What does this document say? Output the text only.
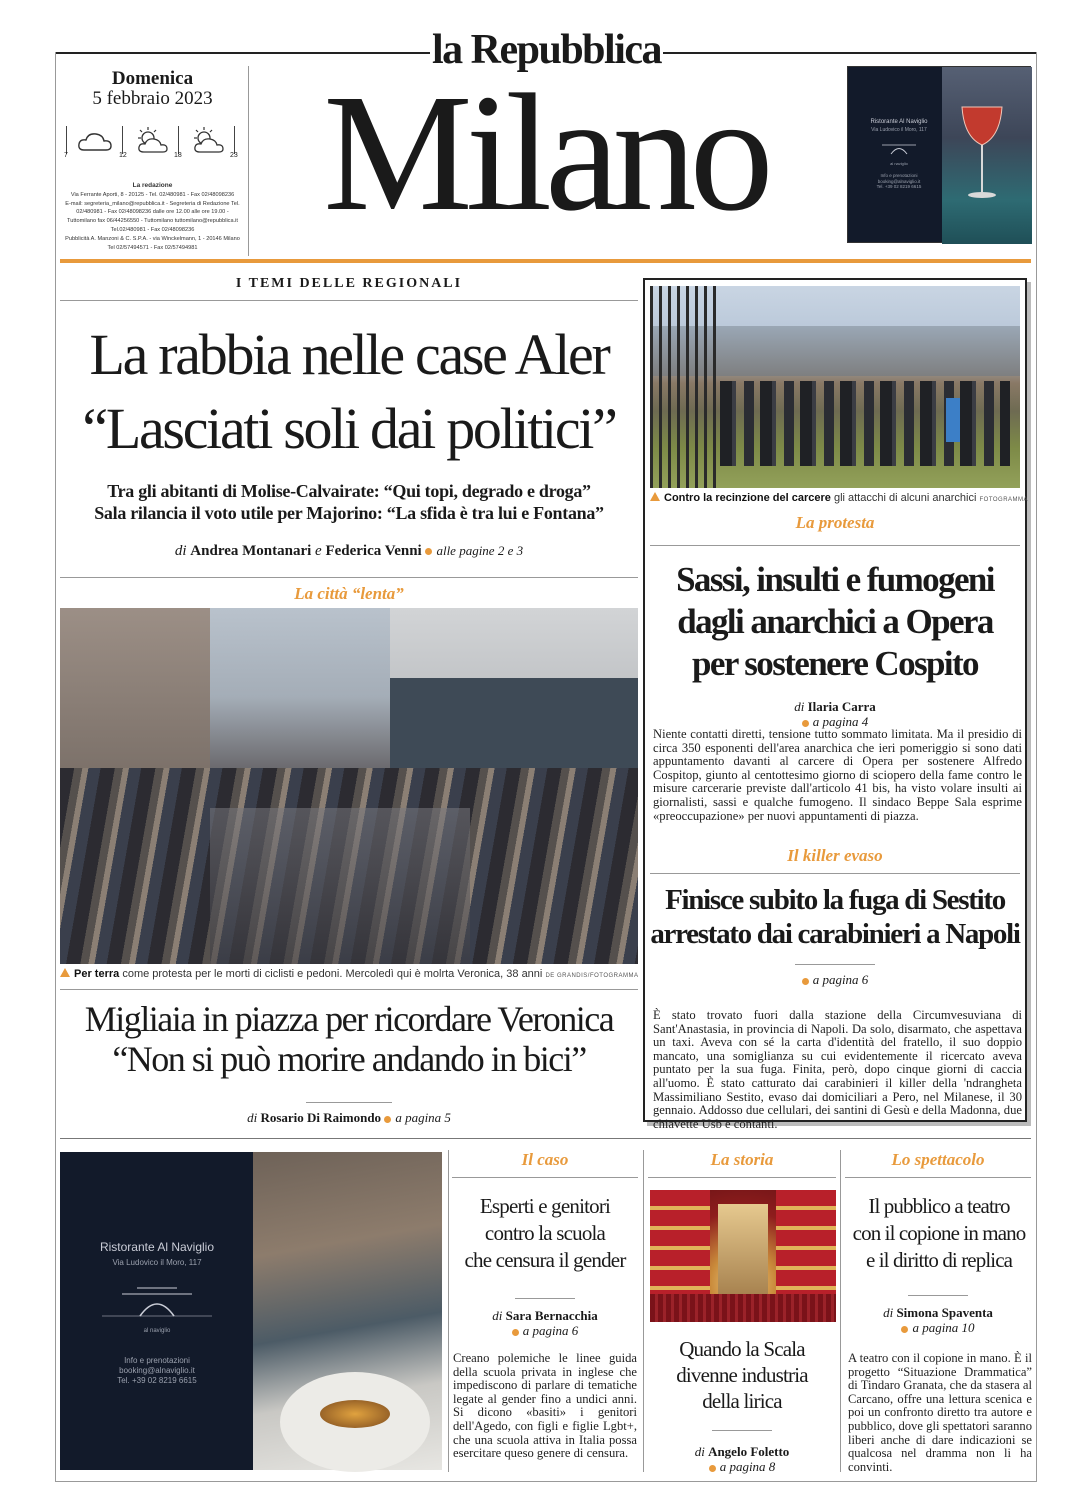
la Repubblica
Milano
Domenica
5 febbraio 2023
7	12	18	23
La redazione
Via Ferrante Aporti, 8 - 20125 - Tel. 02/480981 - Fax 02/48098236
E-mail: segreteria_milano@repubblica.it - Segreteria di Redazione Tel.
02/480981 - Fax 02/48098236 dalle ore 12.00 alle ore 19.00 -
Tuttomilano fax 06/44256550 - Tuttomilano tuttomilano@repubblica.it
Tel.02/480981 - Fax 02/48098236
Pubblicità A. Manzoni & C. S.P.A. - via Winckelmann, 1 - 20146 Milano
Tel 02/57494571 - Fax 02/57494981
Ristorante Al Naviglio
Via Ludovico il Moro, 117
al naviglio
Info e prenotazioni
booking@alnaviglio.it
Tel. +39 02 8219 6615
I TEMI DELLE REGIONALI
La rabbia nelle case Aler
“Lasciati soli dai politici”
Tra gli abitanti di Molise-Calvairate: “Qui topi, degrado e droga”
Sala rilancia il voto utile per Majorino: “La sfida è tra lui e Fontana”
di Andrea Montanari e Federica Venni alle pagine 2 e 3
La città “lenta”
Per terra come protesta per le morti di ciclisti e pedoni. Mercoledì qui è molrta Veronica, 38 anni DE GRANDIS/FOTOGRAMMA
Migliaia in piazza per ricordare Veronica
“Non si può morire andando in bici”
di Rosario Di Raimondo a pagina 5
Contro la recinzione del carcere gli attacchi di alcuni anarchici FOTOGRAMMA
La protesta
Sassi, insulti e fumogeni
dagli anarchici a Opera
per sostenere Cospito
di Ilaria Carra
a pagina 4
Niente contatti diretti, tensione tutto sommato limitata. Ma il presidio di circa 350 esponenti dell'area anarchica che ieri pomeriggio si sono dati appuntamento davanti al carcere di Opera per sostenere Alfredo Cospitop, giunto al centottesimo giorno di sciopero della fame contro le misure carcerarie previste dall'articolo 41 bis, ha visto volare insulti ai giornalisti, sassi e qualche fumogeno. Il sindaco Beppe Sala esprime «preoccupazione» per nuovi appuntamenti di piazza.
Il killer evaso
Finisce subito la fuga di Sestito
arrestato dai carabinieri a Napoli
a pagina 6
È stato trovato fuori dalla stazione della Circumvesuviana di Sant'Anastasia, in provincia di Napoli. Da solo, disarmato, che aspettava un taxi. Aveva con sé la carta d'identità del fratello, il suo doppio mancato, una somiglianza su cui evidentemente il ricercato aveva puntato per la sua fuga. Finita, però, dopo cinque giorni di caccia all'uomo. È stato catturato dai carabinieri il killer della 'ndrangheta Massimiliano Sestito, evaso dai domiciliari a Pero, nel Milanese, il 30 gennaio. Addosso due cellulari, dei santini di Gesù e della Madonna, due chiavette Usb e contanti.
Ristorante Al Naviglio
Via Ludovico il Moro, 117
al naviglio
Info e prenotazioni
booking@alnaviglio.it
Tel. +39 02 8219 6615
Il caso
Esperti e genitori
contro la scuola
che censura il gender
di Sara Bernacchia
a pagina 6
Creano polemiche le linee guida della scuola privata in inglese che impediscono di parlare di tematiche legate al gender fino a undici anni. Si dicono «basiti» i genitori dell'Agedo, con figli e figlie Lgbt+, che una scuola attiva in Italia possa esercitare queso genere di censura.
La storia
Quando la Scala
divenne industria
della lirica
di Angelo Foletto
a pagina 8
Lo spettacolo
Il pubblico a teatro
con il copione in mano
e il diritto di replica
di Simona Spaventa
a pagina 10
A teatro con il copione in mano. È il progetto “Situazione Drammatica” di Tindaro Granata, che da stasera al Carcano, offre una lettura scenica e poi un confronto diretto tra autore e pubblico, dove gli spettatori saranno liberi anche di dare indicazioni se qualcosa nel dramma non li ha convinti.
